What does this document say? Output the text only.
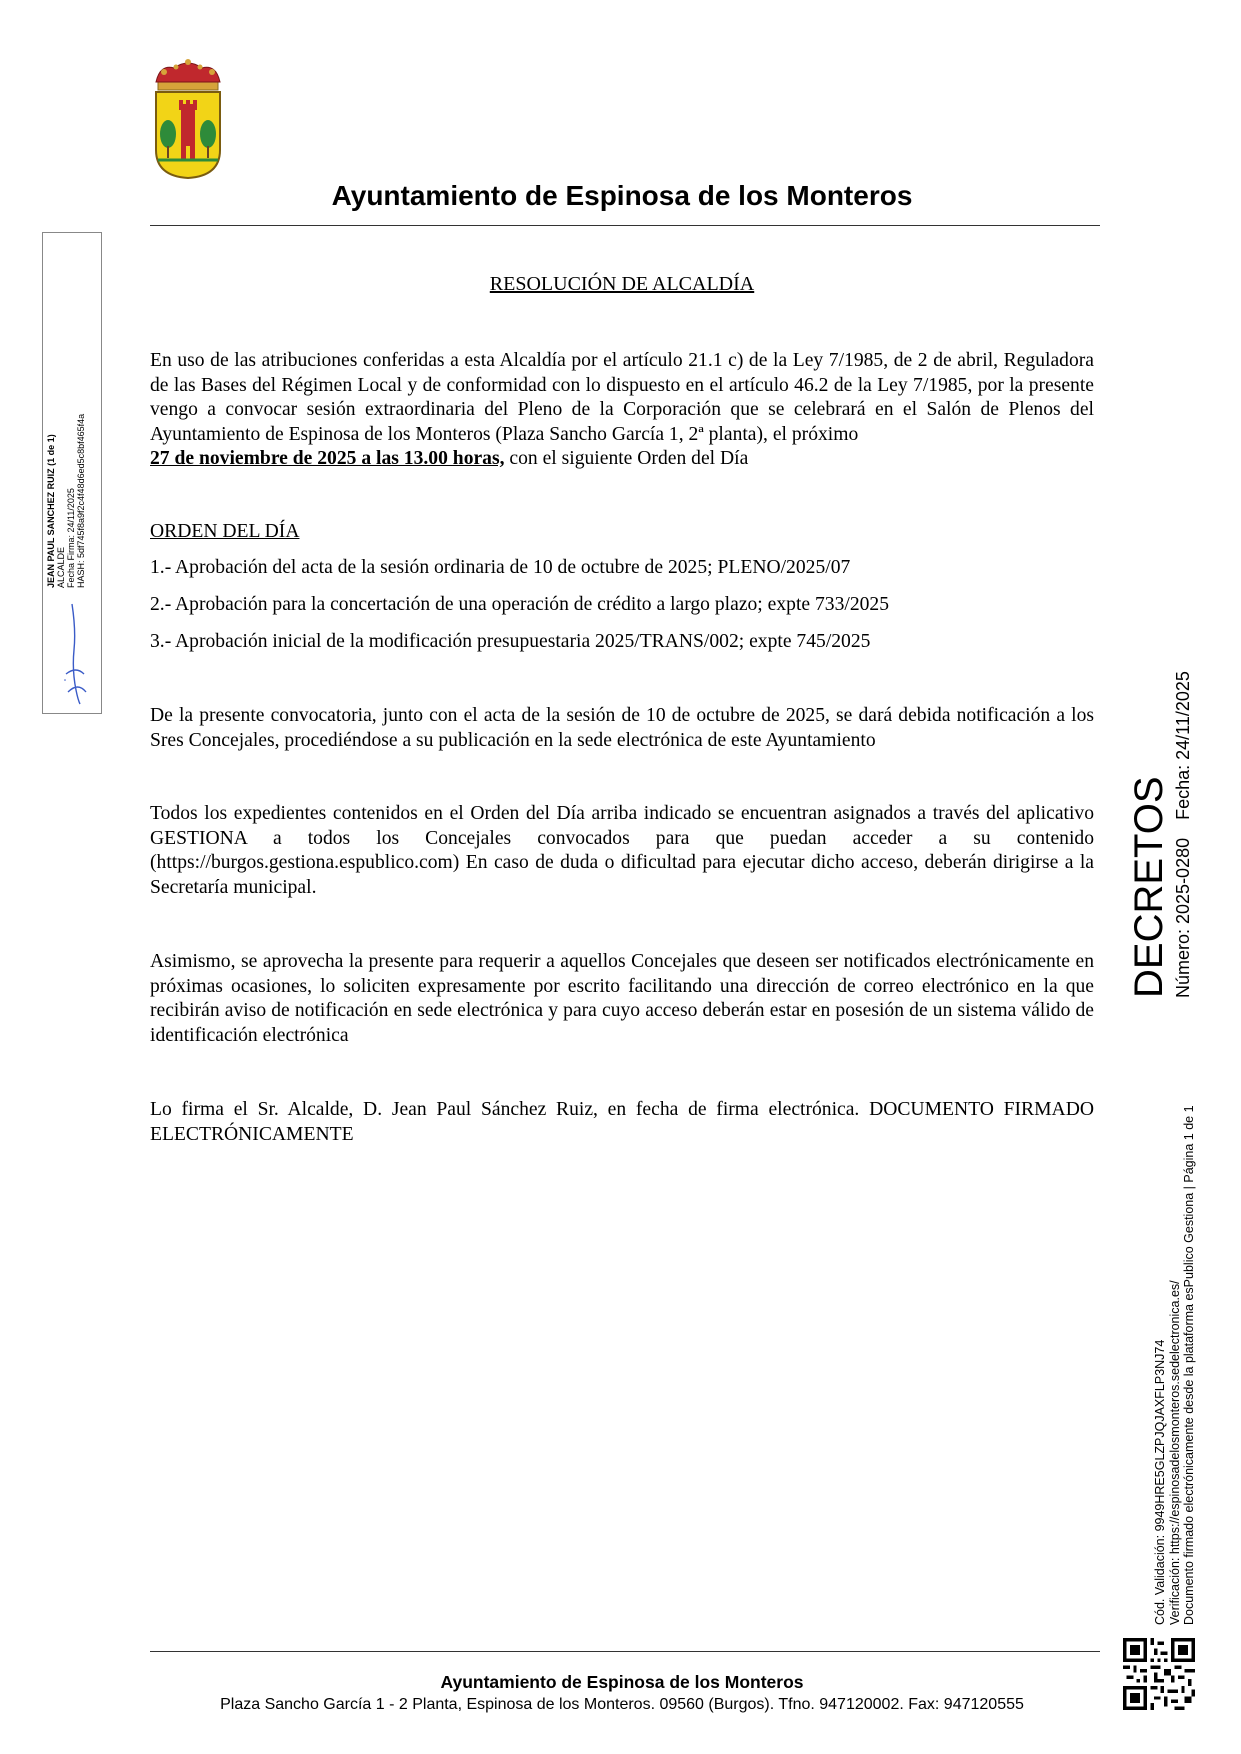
Ayuntamiento de Espinosa de los Monteros
RESOLUCIÓN DE ALCALDÍA

En uso de las atribuciones conferidas a esta Alcaldía por el artículo 21.1 c) de la Ley 7/1985, de 2 de abril, Reguladora de las Bases del Régimen Local y de conformidad con lo dispuesto en el artículo 46.2 de la Ley 7/1985, por la presente vengo a convocar sesión extraordinaria del Pleno de la Corporación que se celebrará en el Salón de Plenos del Ayuntamiento de Espinosa de los Monteros (Plaza Sancho García 1, 2ª planta), el próximo
27 de noviembre de 2025 a las 13.00 horas, con el siguiente Orden del Día

ORDEN DEL DÍA
1.- Aprobación del acta de la sesión ordinaria de 10 de octubre de 2025; PLENO/2025/07
2.- Aprobación para la concertación de una operación de crédito a largo plazo; expte 733/2025
3.- Aprobación inicial de la modificación presupuestaria 2025/TRANS/002; expte 745/2025

De la presente convocatoria, junto con el acta de la sesión de 10 de octubre de 2025, se dará debida notificación a los Sres Concejales, procediéndose a su publicación en la sede electrónica de este Ayuntamiento

Todos los expedientes contenidos en el Orden del Día arriba indicado se encuentran asignados a través del aplicativo GESTIONA a todos los Concejales convocados para que puedan acceder a su contenido (https://burgos.gestiona.espublico.com) En caso de duda o dificultad para ejecutar dicho acceso, deberán dirigirse a la Secretaría municipal.

Asimismo, se aprovecha la presente para requerir a aquellos Concejales que deseen ser notificados electrónicamente en próximas ocasiones, lo soliciten expresamente por escrito facilitando una dirección de correo electrónico en la que recibirán aviso de notificación en sede electrónica y para cuyo acceso deberán estar en posesión de un sistema válido de identificación electrónica

Lo firma el Sr. Alcalde, D. Jean Paul Sánchez Ruiz, en fecha de firma electrónica. DOCUMENTO FIRMADO ELECTRÓNICAMENTE

JEAN PAUL SANCHEZ RUIZ (1 de 1) ALCALDE Fecha Firma: 24/11/2025 HASH: 5df745f8a9f2c4f48d6ed5c8bf465f4a
DECRETOS Número: 2025-0280Fecha: 24/11/2025
Cód. Validación: 9949HRE5GLZPJQJAXFLP3NJ74 Verificación: https://espinosadelosmonteros.sedelectronica.es/ Documento firmado electrónicamente desde la plataforma esPublico Gestiona | Página 1 de 1
Ayuntamiento de Espinosa de los Monteros
Plaza Sancho García 1 - 2 Planta, Espinosa de los Monteros. 09560 (Burgos). Tfno. 947120002. Fax: 947120555
